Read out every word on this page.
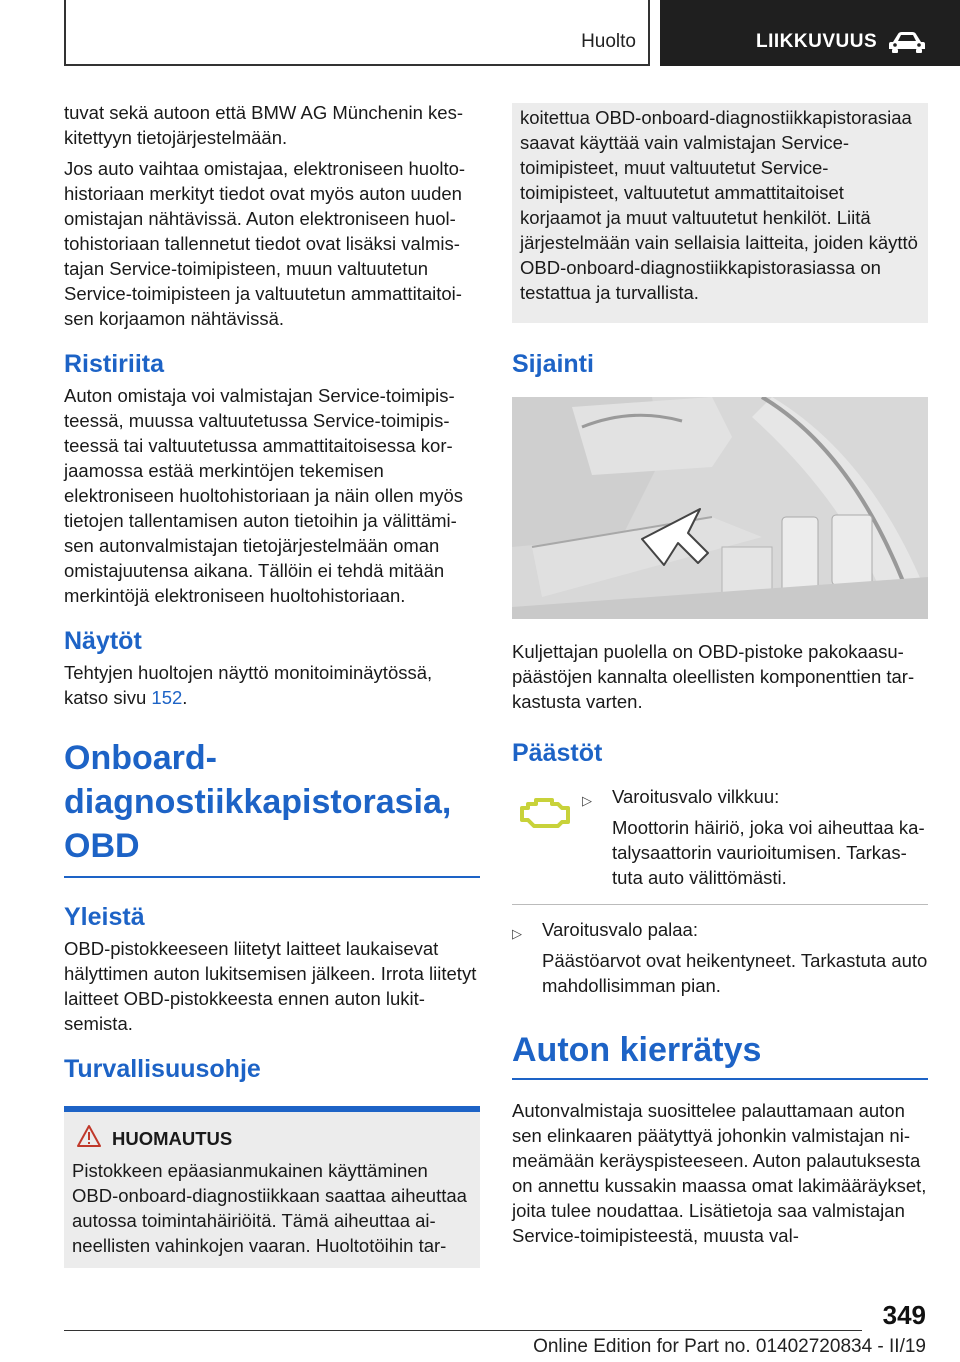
Huolto	LIIKKUVUUS

tuvat sekä autoon että BMW AG Münchenin keskitettyyn tietojärjestelmään.

Jos auto vaihtaa omistajaa, elektroniseen huoltohistoriaan merkityt tiedot ovat myös auton uuden omistajan nähtävissä. Auton elektroniseen huoltohistoriaan tallennetut tiedot ovat lisäksi valmistajan Service-toimipisteen, muun valtuutetun Service-toimipisteen ja valtuutetun ammattitaitoisen korjaamon nähtävissä.

Ristiriita

Auton omistaja voi valmistajan Service-toimipisteessä, muussa valtuutetussa Service-toimipisteessä tai valtuutetussa ammattitaitoisessa korjaamossa estää merkintöjen tekemisen elektroniseen huoltohistoriaan ja näin ollen myös tietojen tallentamisen auton tietoihin ja välittämisen autonvalmistajan tietojärjestelmään oman omistajuutensa aikana. Tällöin ei tehdä mitään merkintöjä elektroniseen huoltohistoriaan.

Näytöt

Tehtyjen huoltojen näyttö monitoiminäytössä, katso sivu 152.

Onboard-diagnostiikkapistorasia, OBD
Yleistä

OBD-pistokkeeseen liitetyt laitteet laukaisevat hälyttimen auton lukitsemisen jälkeen. Irrota liitetyt laitteet OBD-pistokkeesta ennen auton lukitsemista.

Turvallisuusohje
HUOMAUTUS

Pistokkeen epäasianmukainen käyttäminen OBD-onboard-diagnostiikkaan saattaa aiheuttaa autossa toimintahäiriöitä. Tämä aiheuttaa aineellisten vahinkojen vaaran. Huoltotöihin tar-

koitettua OBD-onboard-diagnostiikkapistorasiaa saavat käyttää vain valmistajan Service-toimipisteet, muut valtuutetut Service-toimipisteet, valtuutetut ammattitaitoiset korjaamot ja muut valtuutetut henkilöt. Liitä järjestelmään vain sellaisia laitteita, joiden käyttö OBD-onboard-diagnostiikkapistorasiassa on testattua ja turvallista.

Sijainti

Kuljettajan puolella on OBD-pistoke pakokaasupäästöjen kannalta oleellisten komponenttien tarkastusta varten.

Päästöt
▷ Varoitusvalo vilkkuu:
Moottorin häiriö, joka voi aiheuttaa katalysaattorin vaurioitumisen. Tarkastuta auto välittömästi.
▷ Varoitusvalo palaa:
Päästöarvot ovat heikentyneet. Tarkastuta auto mahdollisimman pian.
Auton kierrätys

Autonvalmistaja suosittelee palauttamaan auton sen elinkaaren päätyttyä johonkin valmistajan nimeämään keräyspisteeseen. Auton palautuksesta on annettu kussakin maassa omat lakimääräykset, joita tulee noudattaa. Lisätietoja saa valmistajan Service-toimipisteestä, muusta val-

349
Online Edition for Part no. 01402720834 - II/19
